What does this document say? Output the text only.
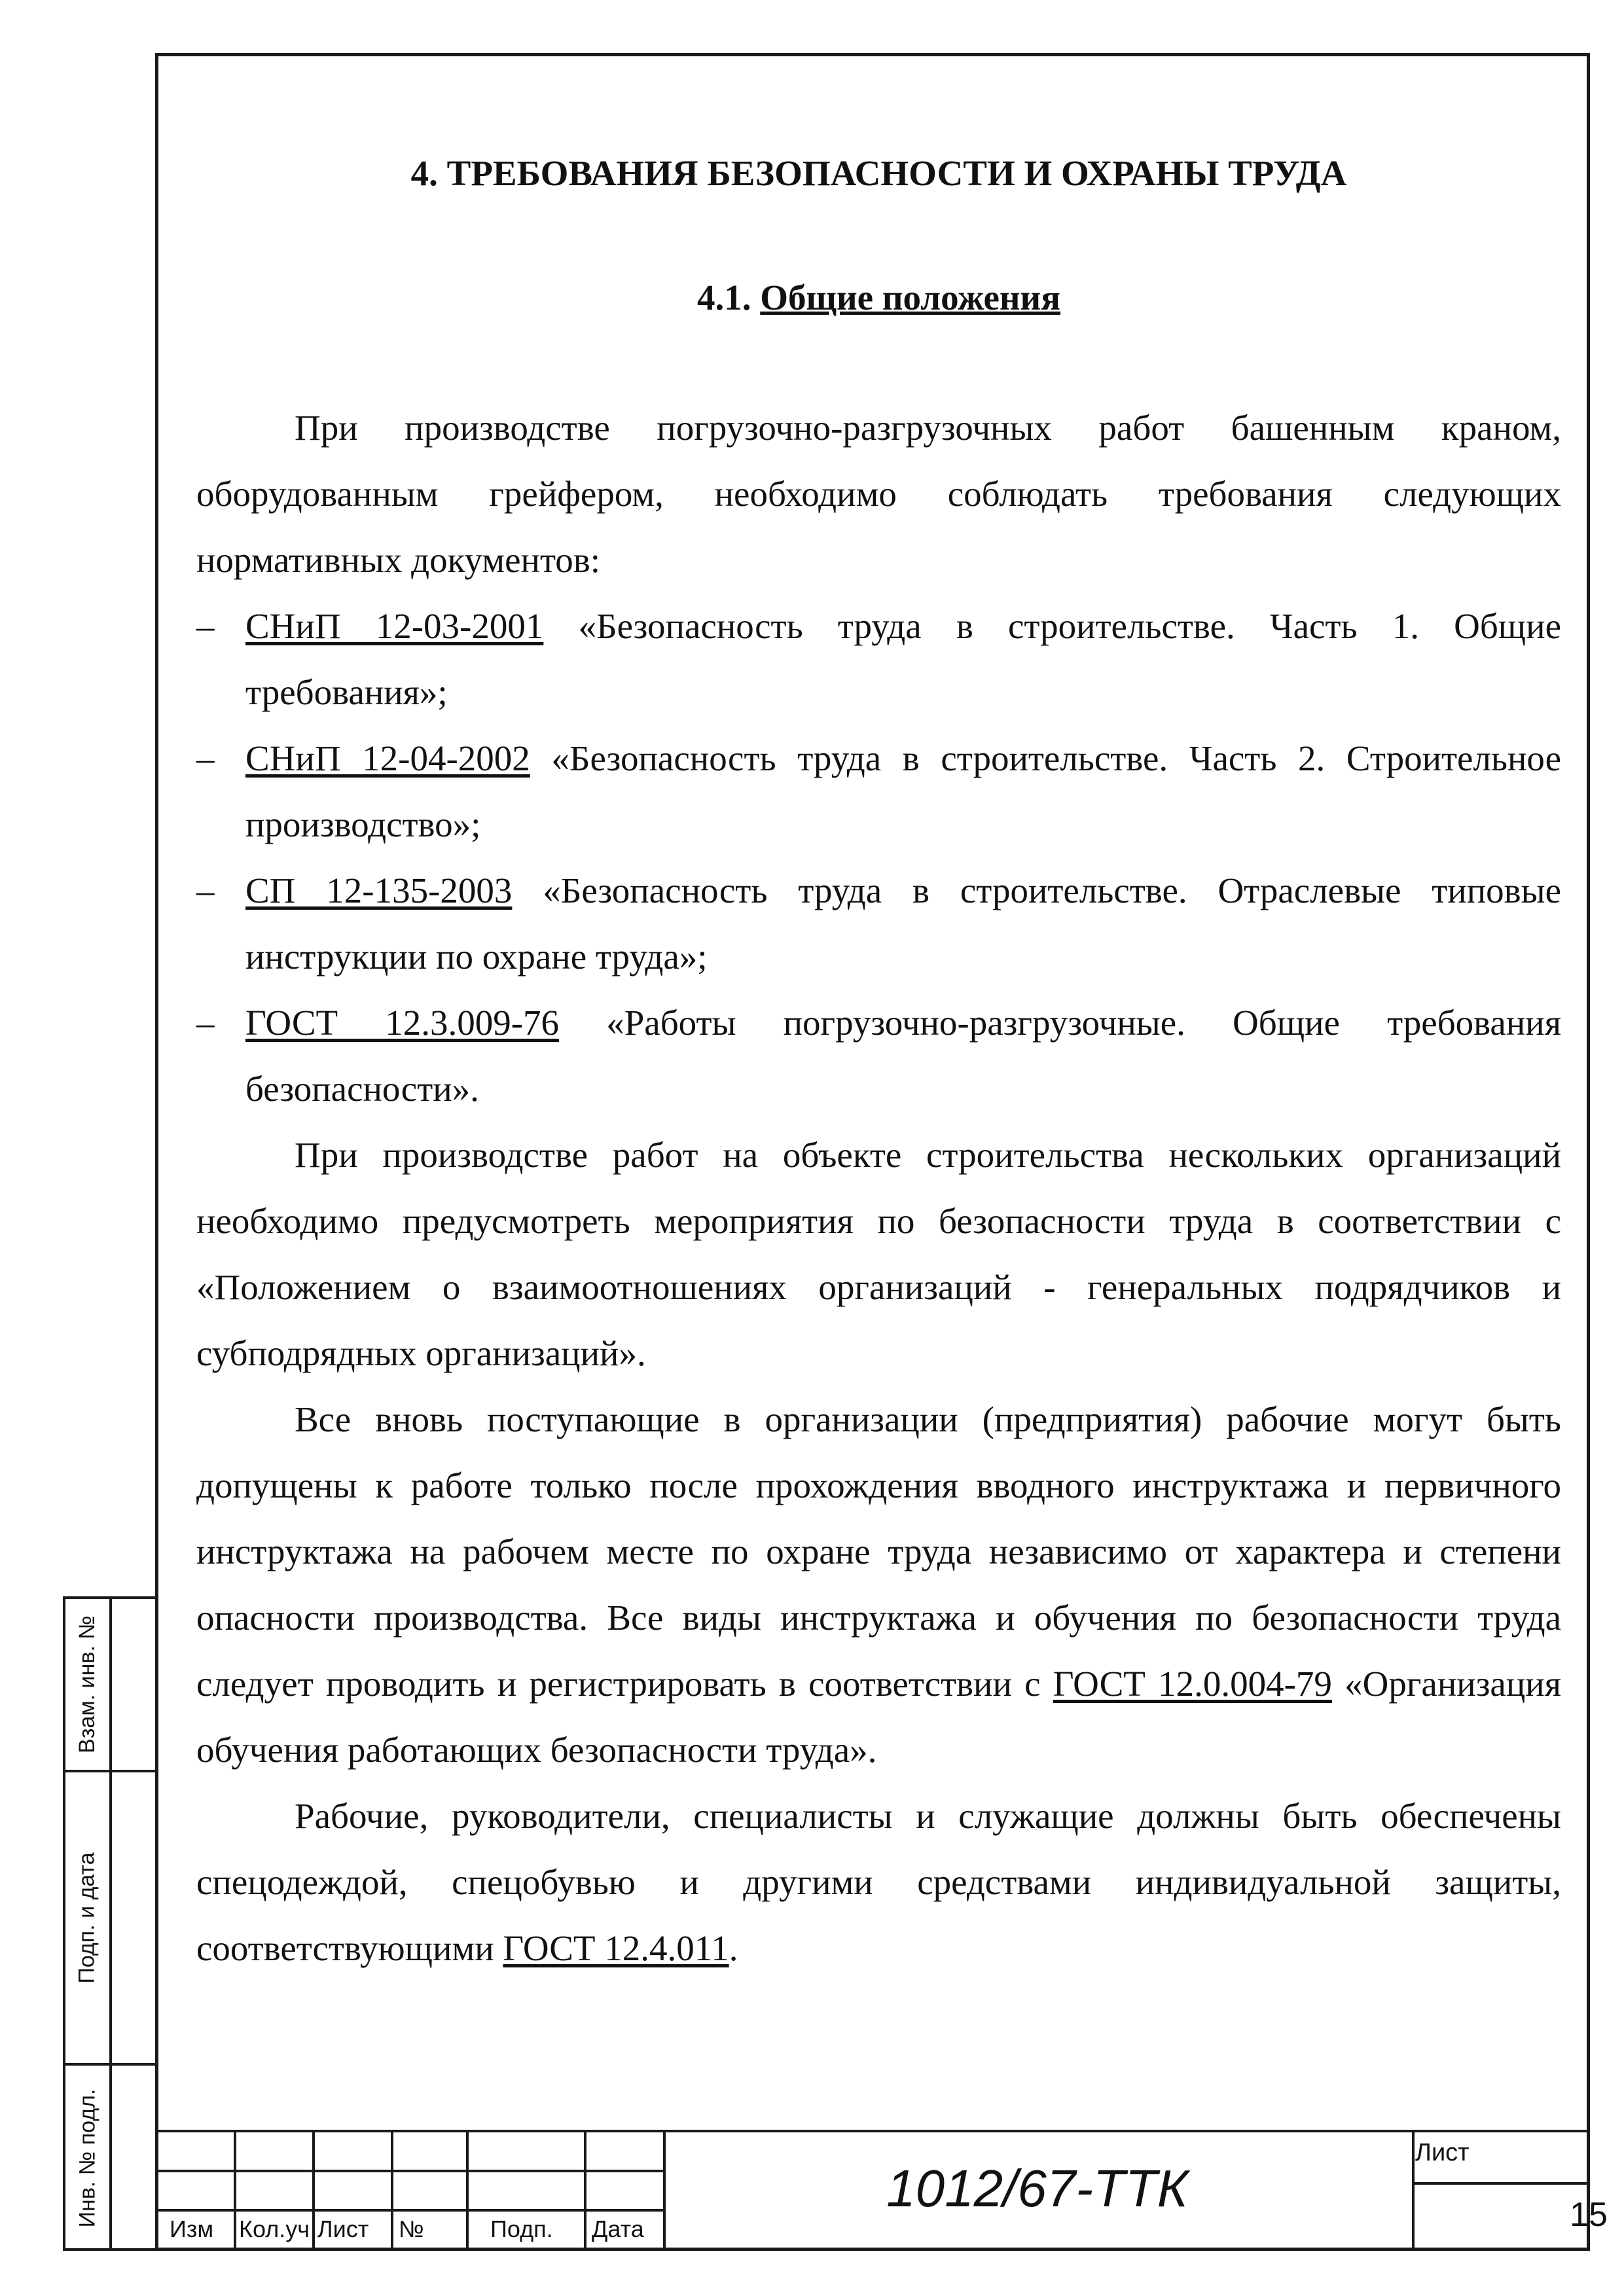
4. ТРЕБОВАНИЯ БЕЗОПАСНОСТИ И ОХРАНЫ ТРУДА

4.1. Общие положения

При производстве погрузочно-разгрузочных работ башенным краном, оборудованным грейфером, необходимо соблюдать требования следующих нормативных документов:

– СНиП 12-03-2001 «Безопасность труда в строительстве. Часть 1. Общие требования»;
– СНиП 12-04-2002 «Безопасность труда в строительстве. Часть 2. Строительное производство»;
– СП 12-135-2003 «Безопасность труда в строительстве. Отраслевые типовые инструкции по охране труда»;
– ГОСТ 12.3.009-76 «Работы погрузочно-разгрузочные. Общие требования безопасности».

При производстве работ на объекте строительства нескольких организаций необходимо предусмотреть мероприятия по безопасности труда в соответствии с «Положением о взаимоотношениях организаций - генеральных подрядчиков и субподрядных организаций».

Все вновь поступающие в организации (предприятия) рабочие могут быть допущены к работе только после прохождения вводного инструктажа и первичного инструктажа на рабочем месте по охране труда независимо от характера и степени опасности производства. Все виды инструктажа и обучения по безопасности труда следует проводить и регистрировать в соответствии с ГОСТ 12.0.004-79 «Организация обучения работающих безопасности труда».

Рабочие, руководители, специалисты и служащие должны быть обеспечены спецодеждой, спецобувью и другими средствами индивидуальной защиты, соответствующими ГОСТ 12.4.011.

Взам. инв. №
Подп. и дата
Инв. № подл.
Изм Кол.уч Лист №	Подп. Дата
1012/67-ТТК
Лист
15
